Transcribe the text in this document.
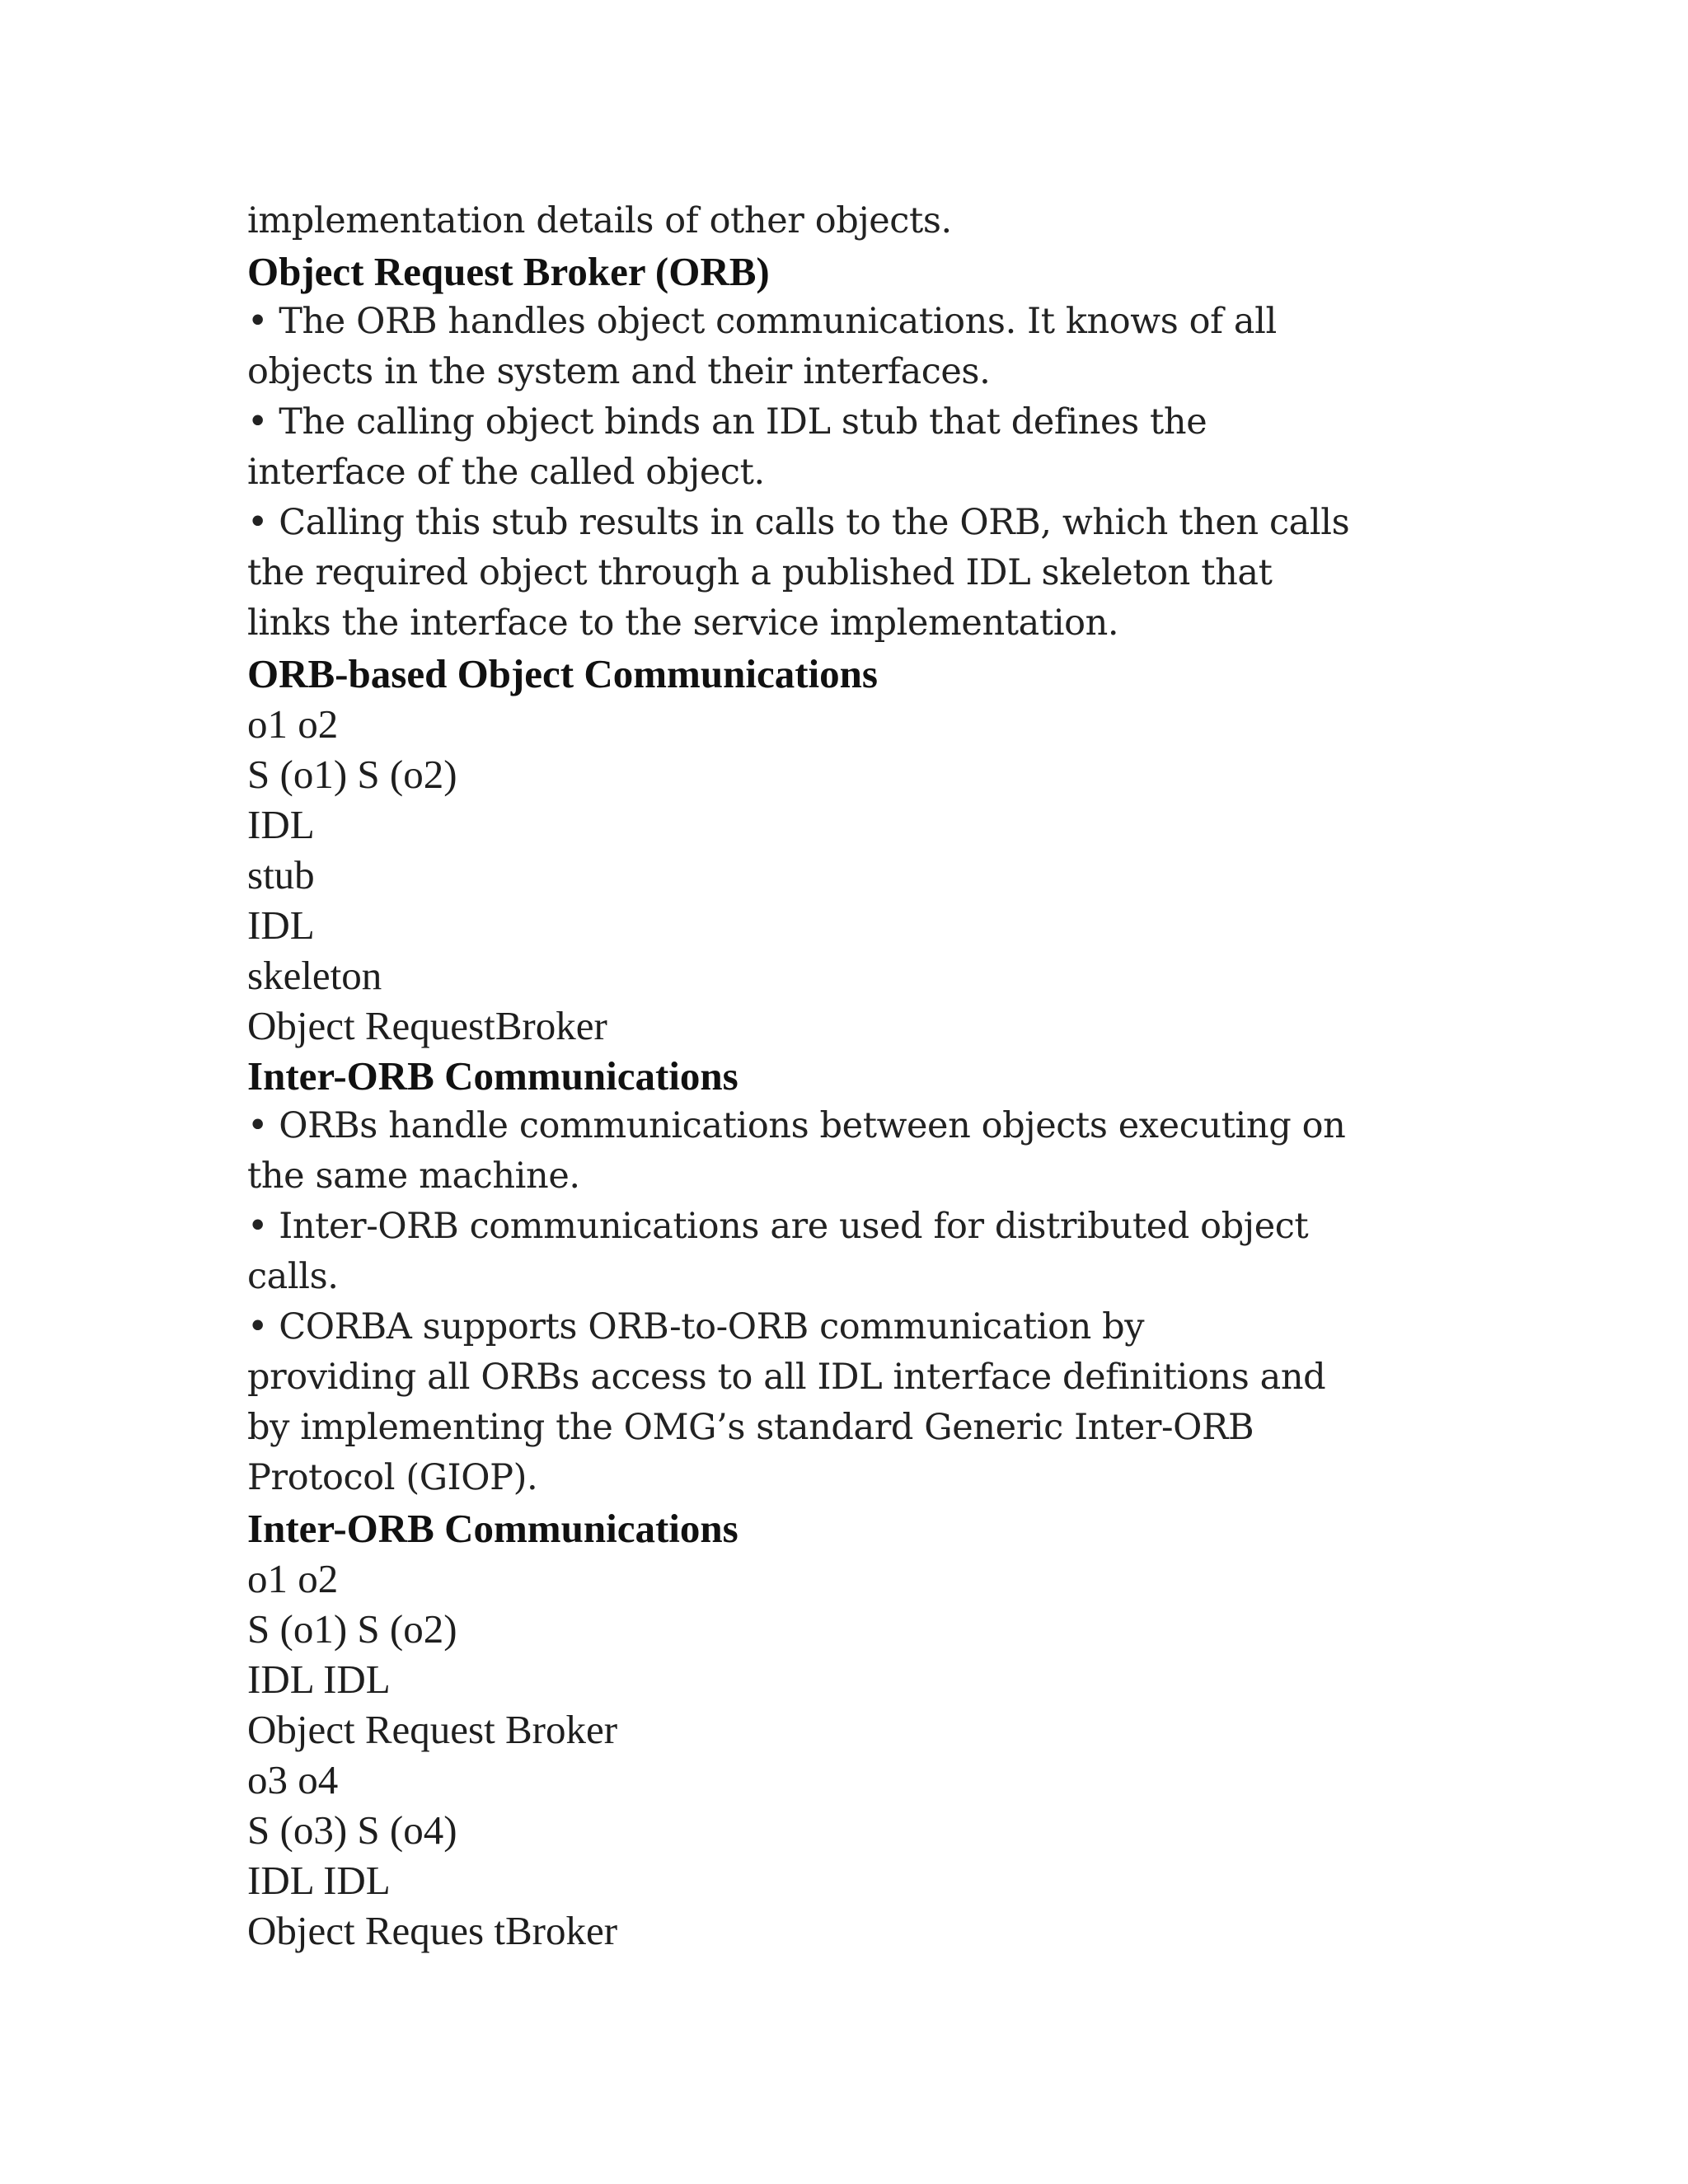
implementation details of other objects.

Object Request Broker (ORB)

• The ORB handles object communications. It knows of all

objects in the system and their interfaces.

• The calling object binds an IDL stub that defines the

interface of the called object.

• Calling this stub results in calls to the ORB, which then calls

the required object through a published IDL skeleton that

links the interface to the service implementation.

ORB-based Object Communications

o1 o2

S (o1) S (o2)

IDL

stub

IDL

skeleton

Object RequestBroker

Inter-ORB Communications

• ORBs handle communications between objects executing on

the same machine.

• Inter-ORB communications are used for distributed object

calls.

• CORBA supports ORB-to-ORB communication by

providing all ORBs access to all IDL interface definitions and

by implementing the OMG’s standard Generic Inter-ORB

Protocol (GIOP).

Inter-ORB Communications

o1 o2

S (o1) S (o2)

IDL IDL

Object Request Broker

o3 o4

S (o3) S (o4)

IDL IDL

Object Reques tBroker
